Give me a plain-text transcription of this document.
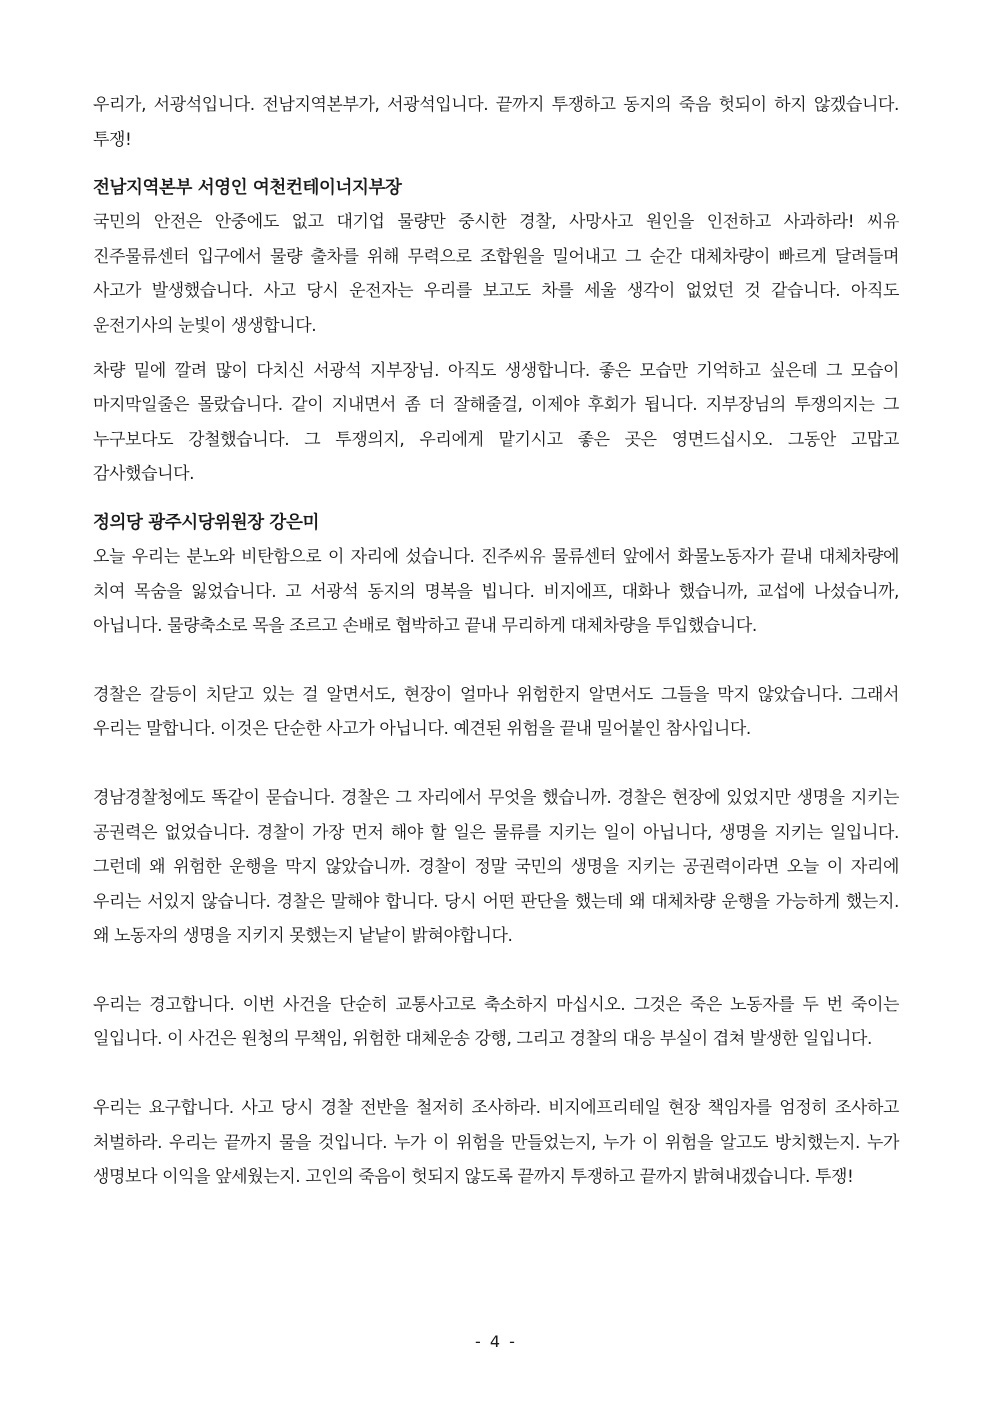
우리가, 서광석입니다. 전남지역본부가, 서광석입니다. 끝까지 투쟁하고 동지의 죽음 헛되이 하지 않겠습니다. 투쟁!

전남지역본부 서영인 여천컨테이너지부장

국민의 안전은 안중에도 없고 대기업 물량만 중시한 경찰, 사망사고 원인을 인전하고 사과하라! 씨유 진주물류센터 입구에서 물량 출차를 위해 무력으로 조합원을 밀어내고 그 순간 대체차량이 빠르게 달려들며 사고가 발생했습니다. 사고 당시 운전자는 우리를 보고도 차를 세울 생각이 없었던 것 같습니다. 아직도 운전기사의 눈빛이 생생합니다.

차량 밑에 깔려 많이 다치신 서광석 지부장님. 아직도 생생합니다. 좋은 모습만 기억하고 싶은데 그 모습이 마지막일줄은 몰랐습니다. 같이 지내면서 좀 더 잘해줄걸, 이제야 후회가 됩니다. 지부장님의 투쟁의지는 그 누구보다도 강철했습니다. 그 투쟁의지, 우리에게 맡기시고 좋은 곳은 영면드십시오. 그동안 고맙고 감사했습니다.

정의당 광주시당위원장 강은미

오늘 우리는 분노와 비탄함으로 이 자리에 섰습니다. 진주씨유 물류센터 앞에서 화물노동자가 끝내 대체차량에 치여 목숨을 잃었습니다. 고 서광석 동지의 명복을 빕니다. 비지에프, 대화나 했습니까, 교섭에 나섰습니까, 아닙니다. 물량축소로 목을 조르고 손배로 협박하고 끝내 무리하게 대체차량을 투입했습니다.

경찰은 갈등이 치닫고 있는 걸 알면서도, 현장이 얼마나 위험한지 알면서도 그들을 막지 않았습니다. 그래서 우리는 말합니다. 이것은 단순한 사고가 아닙니다. 예견된 위험을 끝내 밀어붙인 참사입니다.

경남경찰청에도 똑같이 묻습니다. 경찰은 그 자리에서 무엇을 했습니까. 경찰은 현장에 있었지만 생명을 지키는 공권력은 없었습니다. 경찰이 가장 먼저 해야 할 일은 물류를 지키는 일이 아닙니다, 생명을 지키는 일입니다. 그런데 왜 위험한 운행을 막지 않았습니까. 경찰이 정말 국민의 생명을 지키는 공권력이라면 오늘 이 자리에 우리는 서있지 않습니다. 경찰은 말해야 합니다. 당시 어떤 판단을 했는데 왜 대체차량 운행을 가능하게 했는지. 왜 노동자의 생명을 지키지 못했는지 낱낱이 밝혀야합니다.

우리는 경고합니다. 이번 사건을 단순히 교통사고로 축소하지 마십시오. 그것은 죽은 노동자를 두 번 죽이는 일입니다. 이 사건은 원청의 무책임, 위험한 대체운송 강행, 그리고 경찰의 대응 부실이 겹쳐 발생한 일입니다.

우리는 요구합니다. 사고 당시 경찰 전반을 철저히 조사하라. 비지에프리테일 현장 책임자를 엄정히 조사하고 처벌하라. 우리는 끝까지 물을 것입니다. 누가 이 위험을 만들었는지, 누가 이 위험을 알고도 방치했는지. 누가 생명보다 이익을 앞세웠는지. 고인의 죽음이 헛되지 않도록 끝까지 투쟁하고 끝까지 밝혀내겠습니다. 투쟁!

- 4 -
